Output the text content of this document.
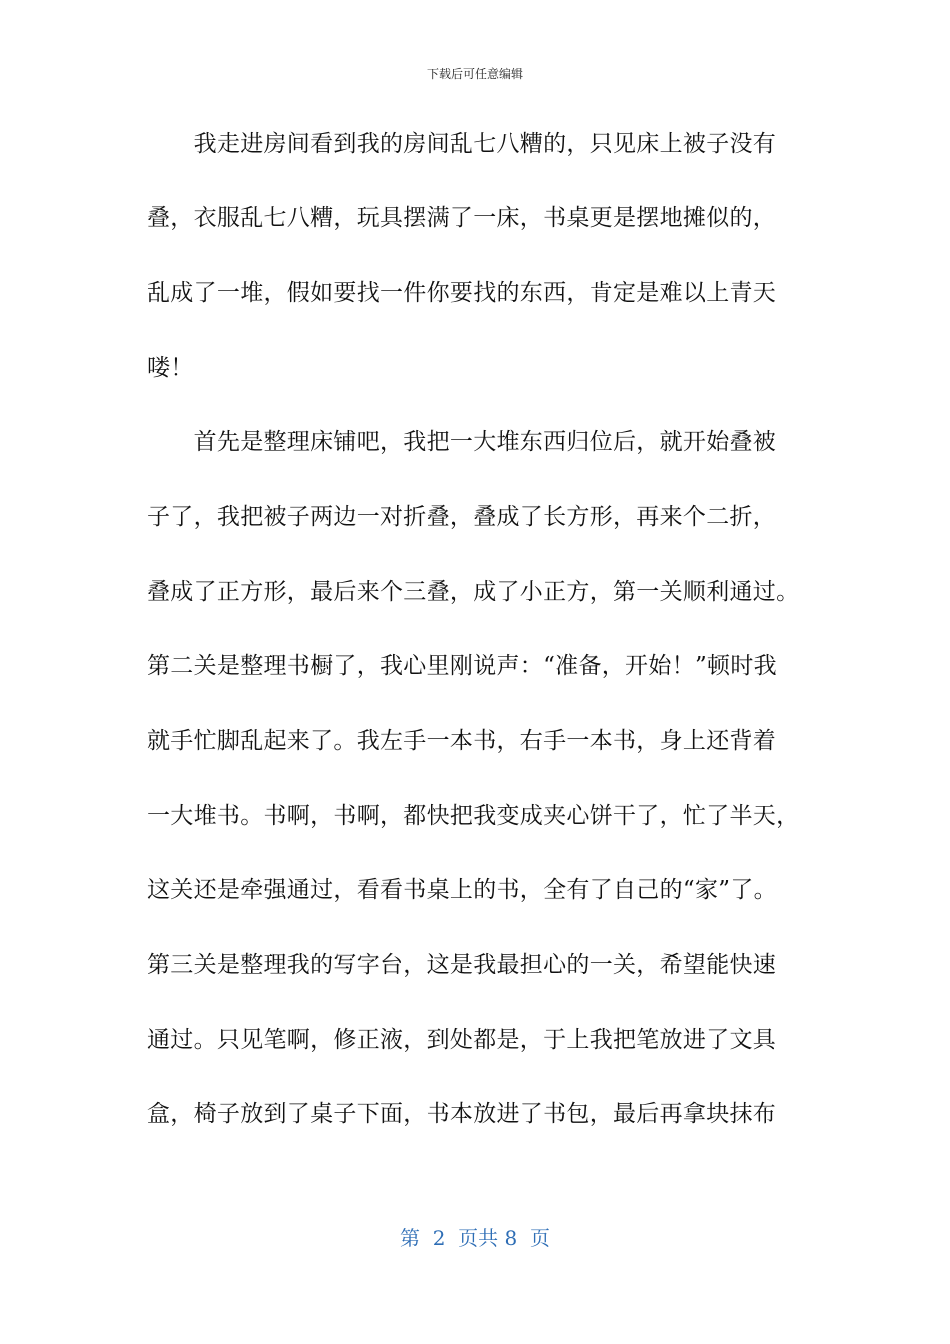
下载后可任意编辑
　　我走进房间看到我的房间乱七八糟的，只见床上被子没有
叠，衣服乱七八糟，玩具摆满了一床，书桌更是摆地摊似的，
乱成了一堆，假如要找一件你要找的东西，肯定是难以上青天
喽！
　　首先是整理床铺吧，我把一大堆东西归位后，就开始叠被
子了，我把被子两边一对折叠，叠成了长方形，再来个二折，
叠成了正方形，最后来个三叠，成了小正方，第一关顺利通过。
第二关是整理书橱了，我心里刚说声：“准备，开始！”顿时我
就手忙脚乱起来了。我左手一本书，右手一本书，身上还背着
一大堆书。书啊，书啊，都快把我变成夹心饼干了，忙了半天，
这关还是牵强通过，看看书桌上的书，全有了自己的“家”了。
第三关是整理我的写字台，这是我最担心的一关，希望能快速
通过。只见笔啊，修正液，到处都是，于上我把笔放进了文具
盒，椅子放到了桌子下面，书本放进了书包，最后再拿块抹布
第  2  页共 8  页
